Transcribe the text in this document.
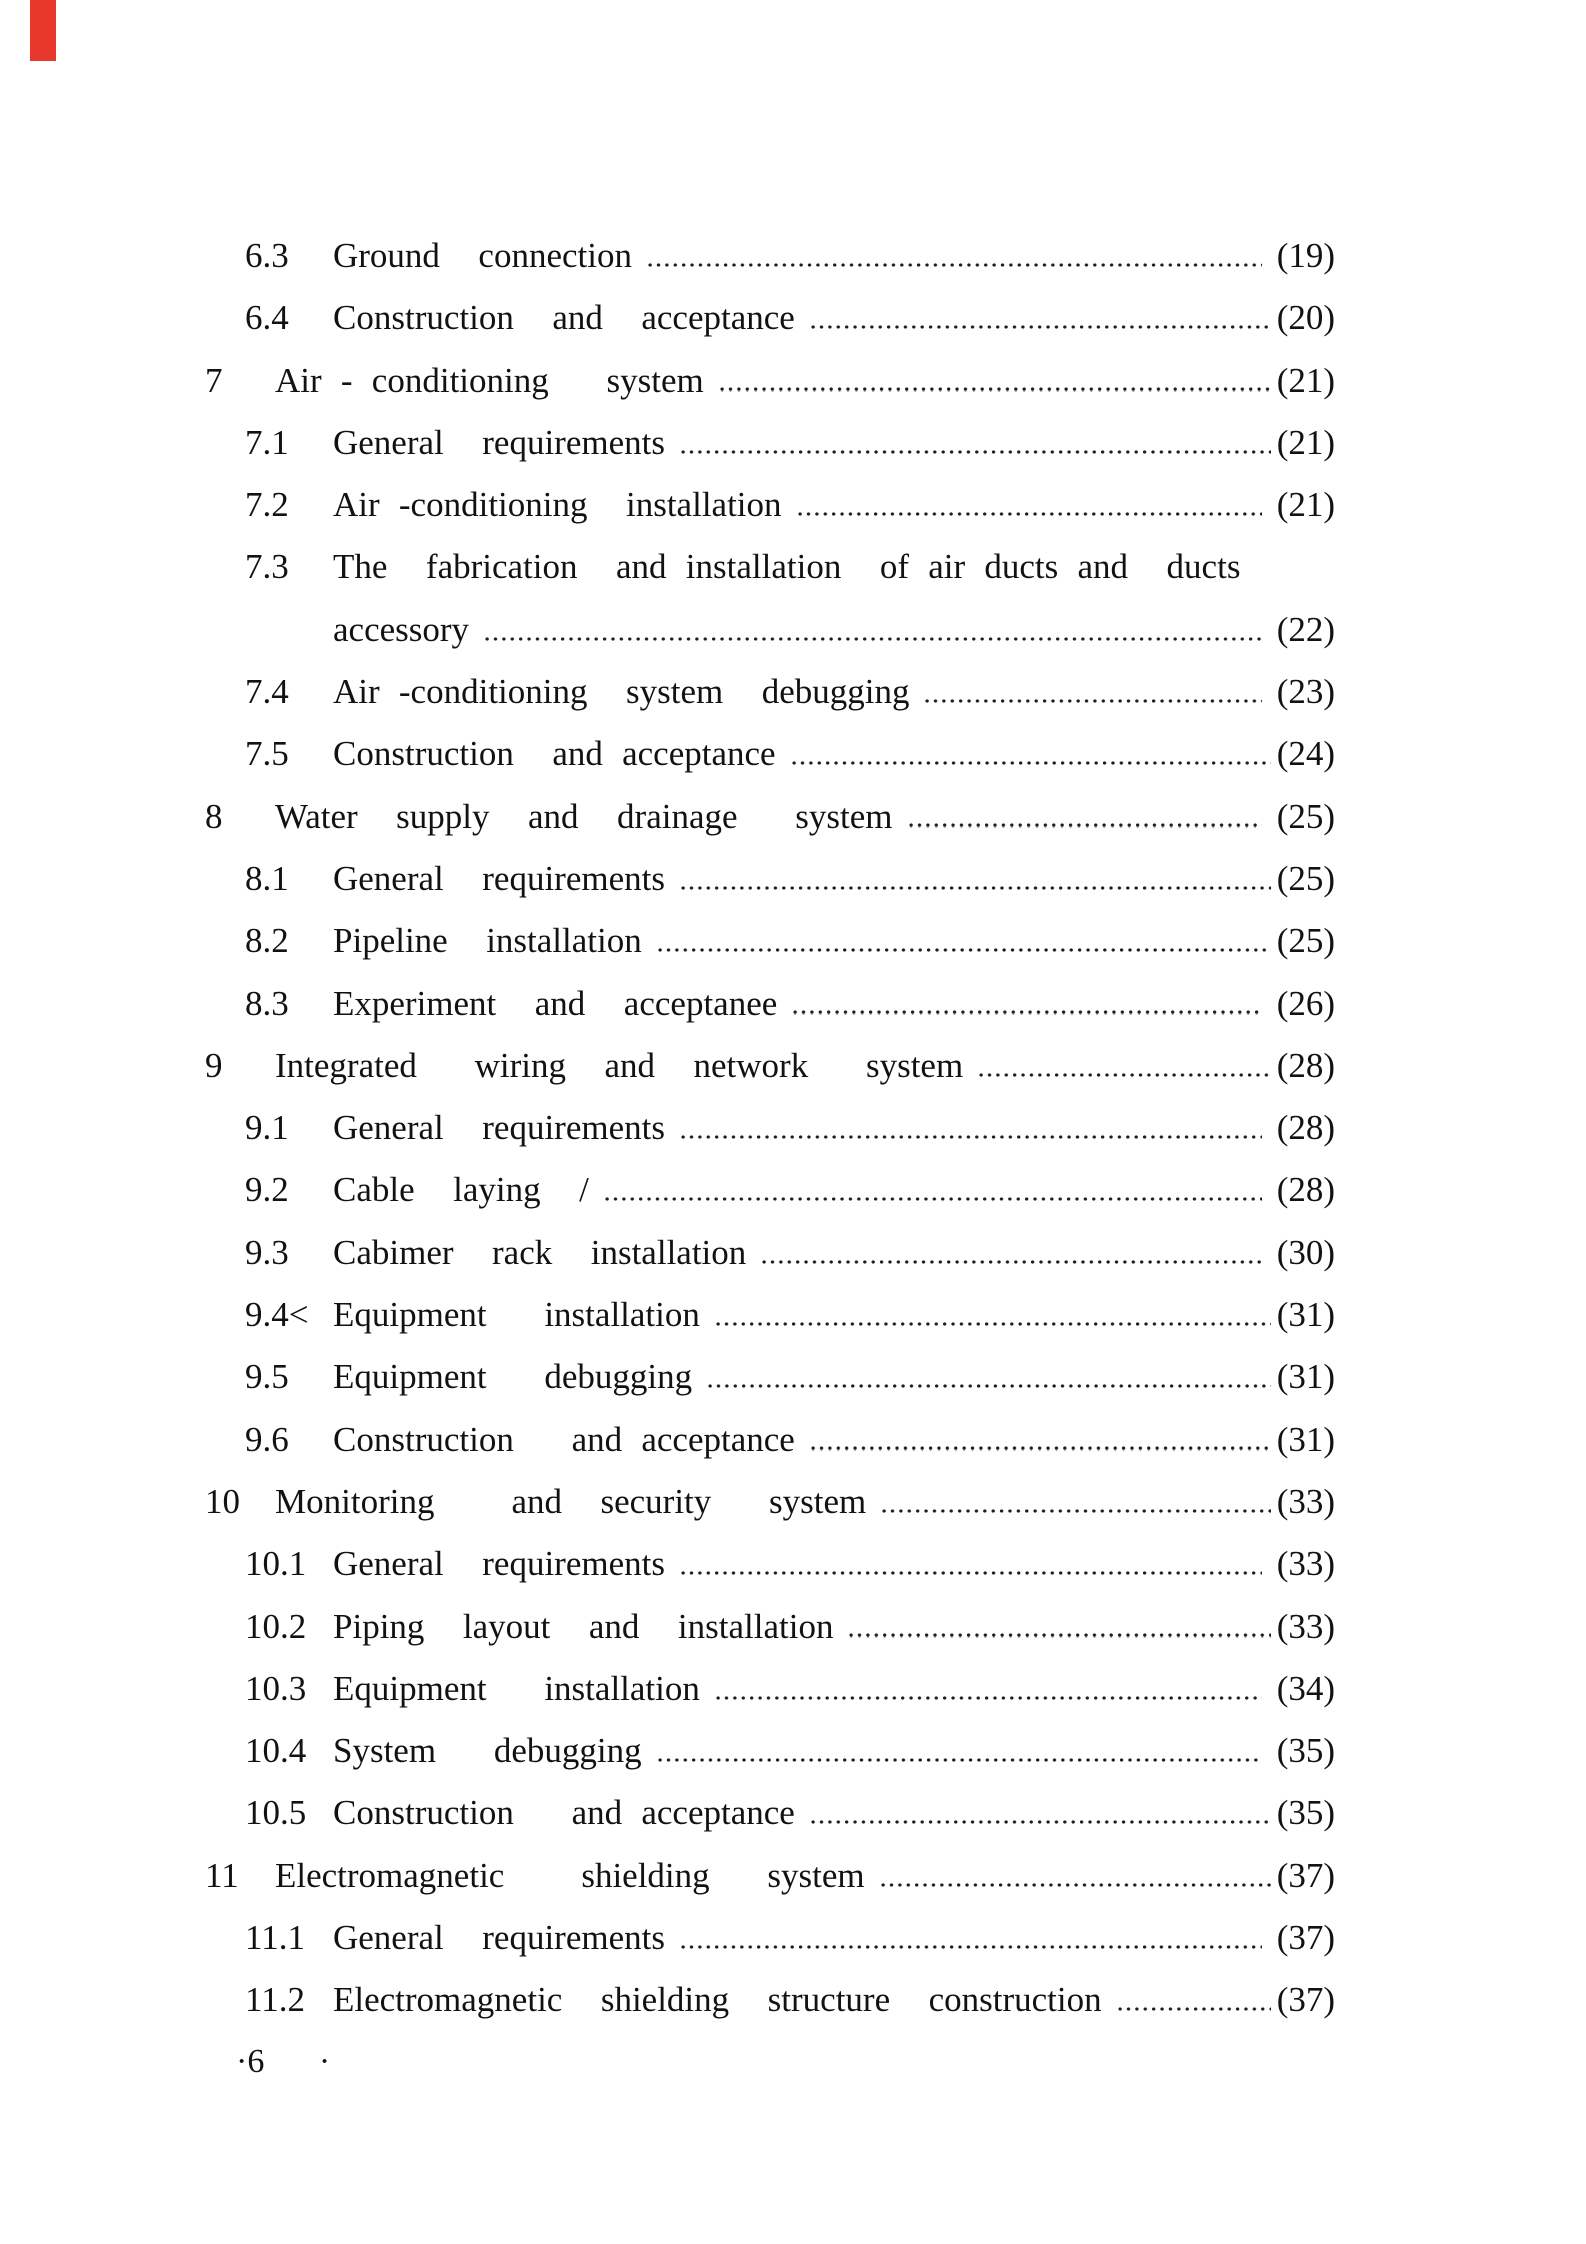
6.3	Ground  connection	(19)
6.4	Construction  and  acceptance	(20)
7	Air - conditioning   system	(21)
7.1	General  requirements	(21)
7.2	Air -conditioning  installation	(21)
7.3	The  fabrication  and installation  of air ducts and  ducts
accessory	(22)
7.4	Air -conditioning  system  debugging	(23)
7.5	Construction  and acceptance	(24)
8	Water  supply  and  drainage   system	(25)
8.1	General  requirements	(25)
8.2	Pipeline  installation	(25)
8.3	Experiment  and  acceptanee	(26)
9	Integrated   wiring  and  network   system	(28)
9.1	General  requirements	(28)
9.2	Cable  laying  /	(28)
9.3	Cabimer  rack  installation	(30)
9.4< Equipment   installation	(31)
9.5	Equipment   debugging	(31)
9.6	Construction   and acceptance	(31)
10	Monitoring    and  security   system	(33)
10.1 General  requirements	(33)
10.2 Piping  layout  and  installation	(33)
10.3 Equipment   installation	(34)
10.4 System   debugging	(35)
10.5 Construction   and acceptance	(35)
11	Electromagnetic    shielding   system	(37)
11.1 General  requirements	(37)
11.2 Electromagnetic  shielding  structure  construction	(37)
·6 ·
